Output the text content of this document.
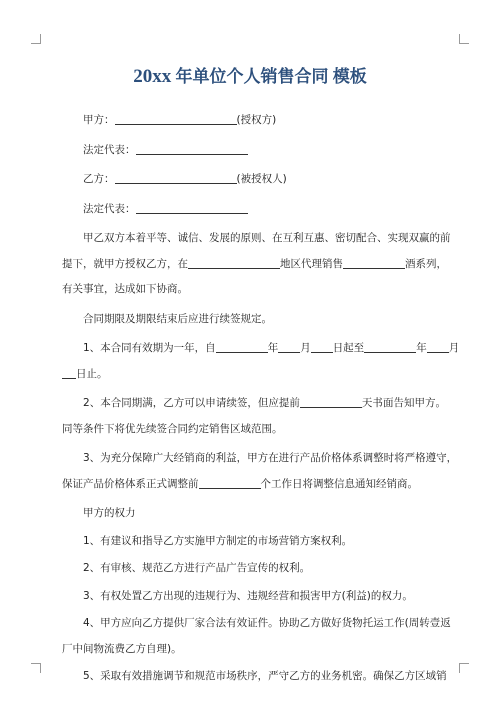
20xx 年单位个人销售合同 模板
甲方：	(授权方)
法定代表：
乙方：	(被授权人)
法定代表：
甲乙双方本着平等、诚信、发展的原则、在互利互惠、密切配合、实现双赢的前
提下，就甲方授权乙方，在	地区代理销售	酒系列，
有关事宜，达成如下协商。
合同期限及期限结束后应进行续签规定。
1、本合同有效期为一年，自	年 月 日起至	年 月
日止。
2、本合同期满，乙方可以申请续签，但应提前	天书面告知甲方。
同等条件下将优先续签合同约定销售区域范围。
3、为充分保障广大经销商的利益，甲方在进行产品价格体系调整时将严格遵守，
保证产品价格体系正式调整前	个工作日将调整信息通知经销商。
甲方的权力
1、有建议和指导乙方实施甲方制定的市场营销方案权利。
2、有审核、规范乙方进行产品广告宣传的权利。
3、有权处置乙方出现的违规行为、违规经营和损害甲方(利益)的权力。
4、甲方应向乙方提供厂家合法有效证件。协助乙方做好货物托运工作(周转壹返
厂中间物流费乙方自理)。
5、采取有效措施调节和规范市场秩序，严守乙方的业务机密。确保乙方区域销
